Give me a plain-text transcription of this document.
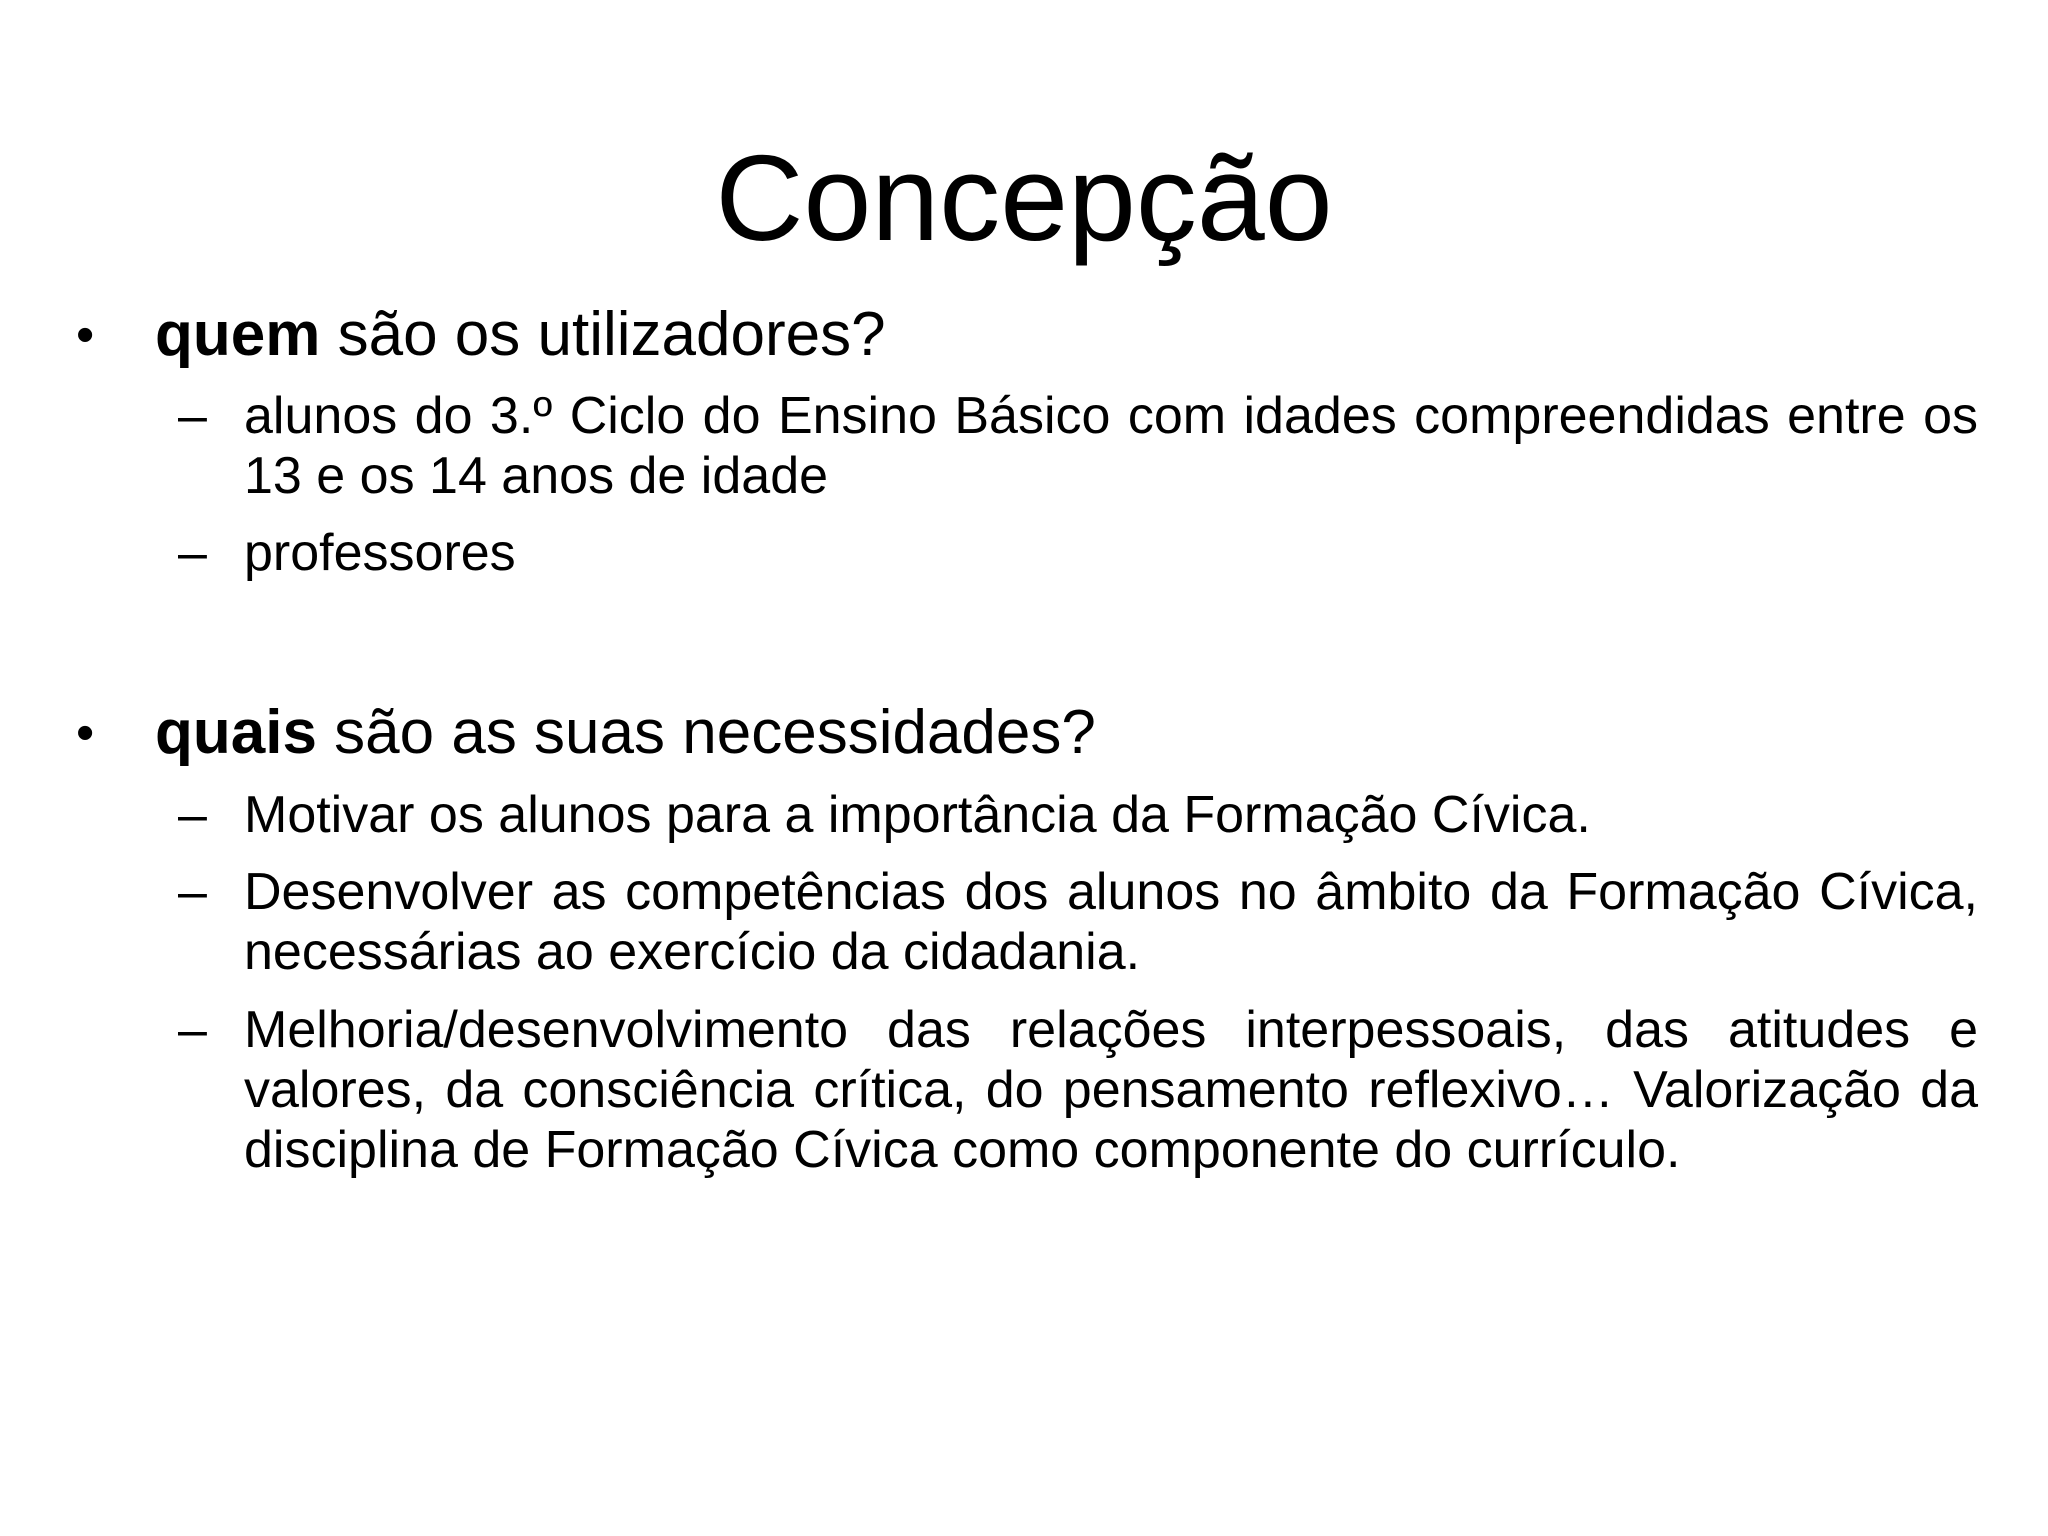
Concepção
• quem são os utilizadores?
– alunos do 3.º Ciclo do Ensino Básico com idades compreendidas entre os 13 e os 14 anos de idade
– professores
• quais são as suas necessidades?
– Motivar os alunos para a importância da Formação Cívica.
– Desenvolver as competências dos alunos no âmbito da Formação Cívica, necessárias ao exercício da cidadania.
– Melhoria/desenvolvimento das relações interpessoais, das atitudes e valores, da consciência crítica, do pensamento reflexivo… Valorização da disciplina de Formação Cívica como componente do currículo.
